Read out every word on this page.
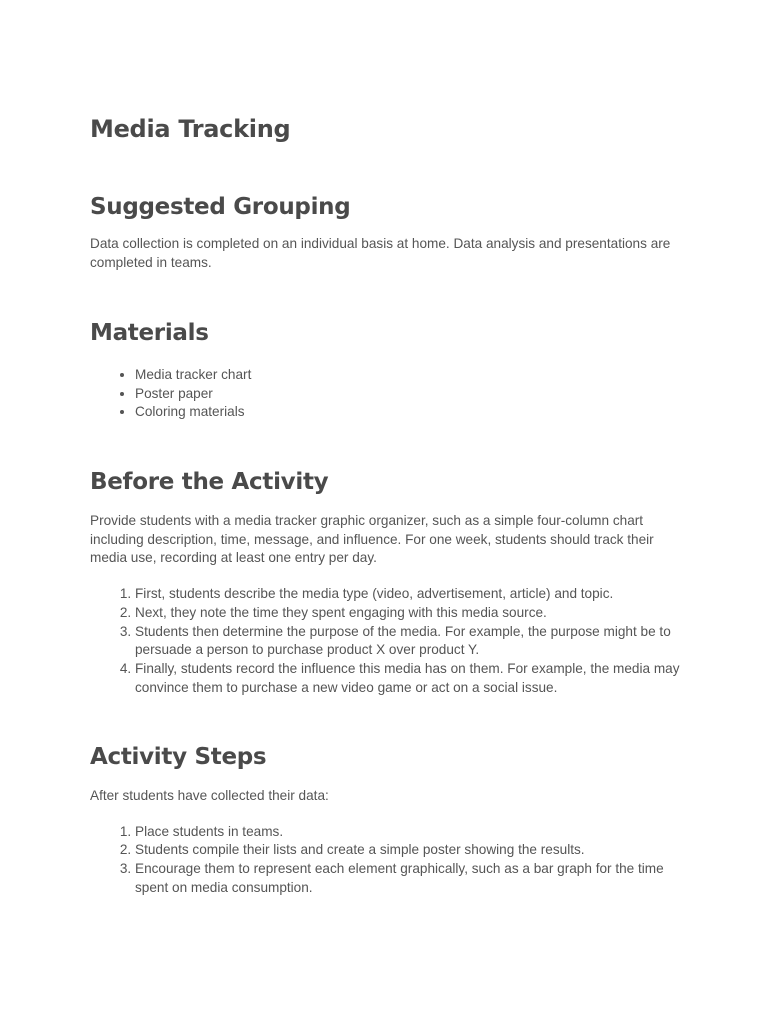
Media Tracking
Suggested Grouping

Data collection is completed on an individual basis at home. Data analysis and presentations are completed in teams.

Materials
• Media tracker chart
• Poster paper
• Coloring materials
Before the Activity

Provide students with a media tracker graphic organizer, such as a simple four-column chart including description, time, message, and influence. For one week, students should track their media use, recording at least one entry per day.

1. First, students describe the media type (video, advertisement, article) and topic.
2. Next, they note the time they spent engaging with this media source.
3. Students then determine the purpose of the media. For example, the purpose might be to persuade a person to purchase product X over product Y.
4. Finally, students record the influence this media has on them. For example, the media may convince them to purchase a new video game or act on a social issue.
Activity Steps

After students have collected their data:

1. Place students in teams.
2. Students compile their lists and create a simple poster showing the results.
3. Encourage them to represent each element graphically, such as a bar graph for the time spent on media consumption.
